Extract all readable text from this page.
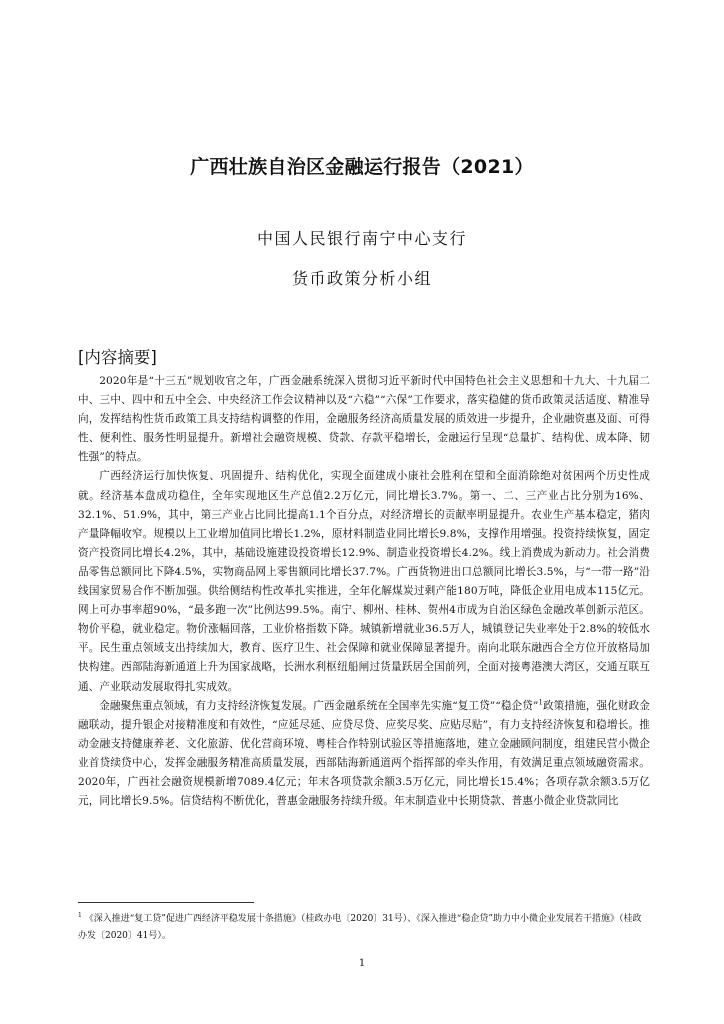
广西壮族自治区金融运行报告（2021）
中国人民银行南宁中心支行
货币政策分析小组
[内容摘要]

2020年是“十三五”规划收官之年，广西金融系统深入贯彻习近平新时代中国特色社会主义思想和十九大、十九届二中、三中、四中和五中全会、中央经济工作会议精神以及“六稳”“六保”工作要求，落实稳健的货币政策灵活适度、精准导向，发挥结构性货币政策工具支持结构调整的作用，金融服务经济高质量发展的质效进一步提升，企业融资惠及面、可得性、便利性、服务性明显提升。新增社会融资规模、贷款、存款平稳增长，金融运行呈现“总量扩、结构优、成本降、韧性强”的特点。

广西经济运行加快恢复、巩固提升、结构优化，实现全面建成小康社会胜利在望和全面消除绝对贫困两个历史性成就。经济基本盘成功稳住，全年实现地区生产总值2.2万亿元，同比增长3.7%。第一、二、三产业占比分别为16%、32.1%、51.9%，其中，第三产业占比同比提高1.1个百分点，对经济增长的贡献率明显提升。农业生产基本稳定，猪肉产量降幅收窄。规模以上工业增加值同比增长1.2%，原材料制造业同比增长9.8%，支撑作用增强。投资持续恢复，固定资产投资同比增长4.2%，其中，基础设施建设投资增长12.9%、制造业投资增长4.2%。线上消费成为新动力。社会消费品零售总额同比下降4.5%，实物商品网上零售额同比增长37.7%。广西货物进出口总额同比增长3.5%，与“一带一路”沿线国家贸易合作不断加强。供给侧结构性改革扎实推进，全年化解煤炭过剩产能180万吨，降低企业用电成本115亿元。网上可办事率超90%，“最多跑一次”比例达99.5%。南宁、柳州、桂林、贺州4市成为自治区绿色金融改革创新示范区。物价平稳，就业稳定。物价涨幅回落，工业价格指数下降。城镇新增就业36.5万人，城镇登记失业率处于2.8%的较低水平。民生重点领域支出持续加大，教育、医疗卫生、社会保障和就业保障显著提升。南向北联东融西合全方位开放格局加快构建。西部陆海新通道上升为国家战略，长洲水利枢纽船闸过货量跃居全国前列，全面对接粤港澳大湾区，交通互联互通、产业联动发展取得扎实成效。

金融聚焦重点领域，有力支持经济恢复发展。广西金融系统在全国率先实施“复工贷”“稳企贷”$^1$政策措施，强化财政金融联动，提升银企对接精准度和有效性，“应延尽延、应贷尽贷、应奖尽奖、应贴尽贴”，有力支持经济恢复和稳增长。推动金融支持健康养老、文化旅游、优化营商环境、粤桂合作特别试验区等措施落地，建立金融顾问制度，组建民营小微企业首贷续贷中心，发挥金融服务精准高质量发展，西部陆海新通道两个指挥部的牵头作用，有效满足重点领域融资需求。2020年，广西社会融资规模新增7089.4亿元；年末各项贷款余额3.5万亿元，同比增长15.4%；各项存款余额3.5万亿元，同比增长9.5%。信贷结构不断优化，普惠金融服务持续升级。年末制造业中长期贷款、普惠小微企业贷款同比

$^1$ 《深入推进“复工贷”促进广西经济平稳发展十条措施》（桂政办电〔2020〕31号）、《深入推进“稳企贷”助力中小微企业发展若干措施》（桂政办发〔2020〕41号）。
1
